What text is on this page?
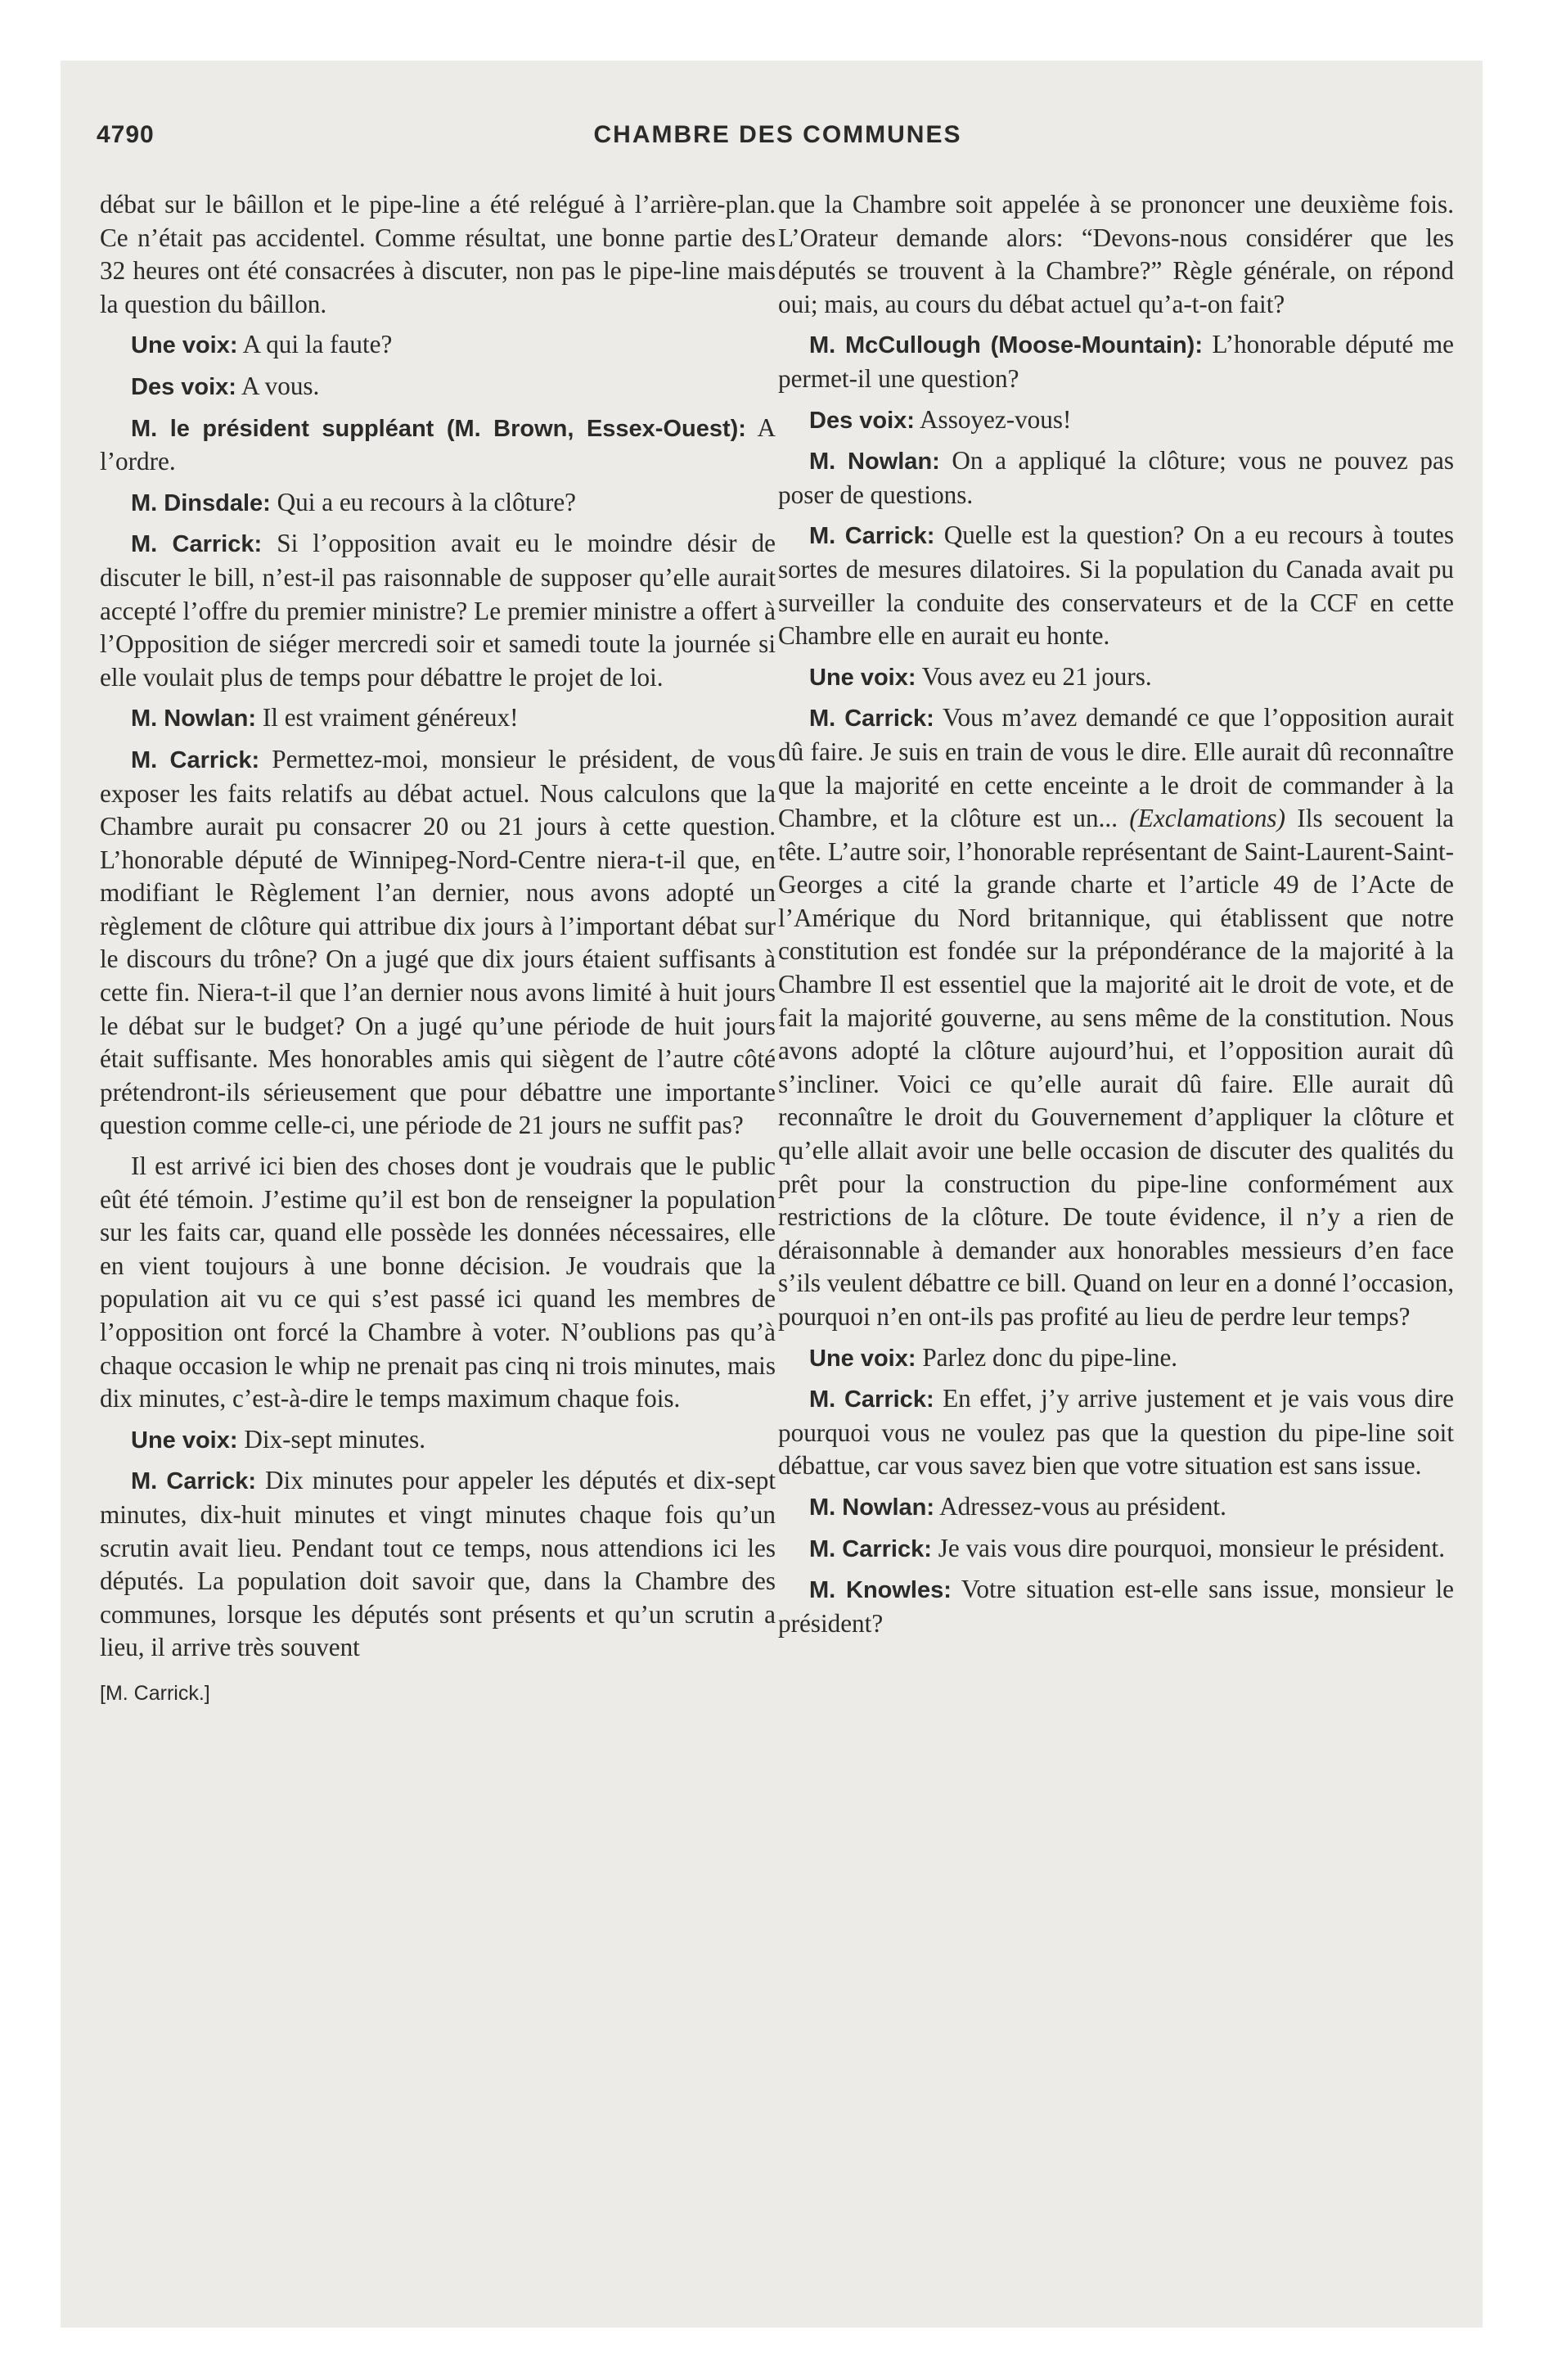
4790	CHAMBRE DES COMMUNES

débat sur le bâillon et le pipe-line a été relégué à l’arrière-plan. Ce n’était pas accidentel. Comme résultat, une bonne partie des 32 heures ont été consacrées à discuter, non pas le pipe-line mais la question du bâillon.

Une voix: A qui la faute?

Des voix: A vous.

M. le président suppléant (M. Brown, Essex-Ouest): A l’ordre.

M. Dinsdale: Qui a eu recours à la clôture?

M. Carrick: Si l’opposition avait eu le moindre désir de discuter le bill, n’est-il pas raisonnable de supposer qu’elle aurait accepté l’offre du premier ministre? Le premier ministre a offert à l’Opposition de siéger mercredi soir et samedi toute la journée si elle voulait plus de temps pour débattre le projet de loi.

M. Nowlan: Il est vraiment généreux!

M. Carrick: Permettez-moi, monsieur le président, de vous exposer les faits relatifs au débat actuel. Nous calculons que la Chambre aurait pu consacrer 20 ou 21 jours à cette question. L’honorable député de Winnipeg-Nord-Centre niera-t-il que, en modifiant le Règlement l’an dernier, nous avons adopté un règlement de clôture qui attribue dix jours à l’important débat sur le discours du trône? On a jugé que dix jours étaient suffisants à cette fin. Niera-t-il que l’an dernier nous avons limité à huit jours le débat sur le budget? On a jugé qu’une période de huit jours était suffisante. Mes honorables amis qui siègent de l’autre côté prétendront-ils sérieusement que pour débattre une importante question comme celle-ci, une période de 21 jours ne suffit pas?

Il est arrivé ici bien des choses dont je voudrais que le public eût été témoin. J’estime qu’il est bon de renseigner la population sur les faits car, quand elle possède les données nécessaires, elle en vient toujours à une bonne décision. Je voudrais que la population ait vu ce qui s’est passé ici quand les membres de l’opposition ont forcé la Chambre à voter. N’oublions pas qu’à chaque occasion le whip ne prenait pas cinq ni trois minutes, mais dix minutes, c’est-à-dire le temps maximum chaque fois.

Une voix: Dix-sept minutes.

M. Carrick: Dix minutes pour appeler les députés et dix-sept minutes, dix-huit minutes et vingt minutes chaque fois qu’un scrutin avait lieu. Pendant tout ce temps, nous attendions ici les députés. La population doit savoir que, dans la Chambre des communes, lorsque les députés sont présents et qu’un scrutin a lieu, il arrive très souvent

[M. Carrick.]

que la Chambre soit appelée à se prononcer une deuxième fois. L’Orateur demande alors: “Devons-nous considérer que les députés se trouvent à la Chambre?” Règle générale, on répond oui; mais, au cours du débat actuel qu’a-t-on fait?

M. McCullough (Moose-Mountain): L’honorable député me permet-il une question?

Des voix: Assoyez-vous!

M. Nowlan: On a appliqué la clôture; vous ne pouvez pas poser de questions.

M. Carrick: Quelle est la question? On a eu recours à toutes sortes de mesures dilatoires. Si la population du Canada avait pu surveiller la conduite des conservateurs et de la CCF en cette Chambre elle en aurait eu honte.

Une voix: Vous avez eu 21 jours.

M. Carrick: Vous m’avez demandé ce que l’opposition aurait dû faire. Je suis en train de vous le dire. Elle aurait dû reconnaître que la majorité en cette enceinte a le droit de commander à la Chambre, et la clôture est un... (Exclamations) Ils secouent la tête. L’autre soir, l’honorable représentant de Saint-Laurent-Saint-Georges a cité la grande charte et l’article 49 de l’Acte de l’Amérique du Nord britannique, qui établissent que notre constitution est fondée sur la prépondérance de la majorité à la Chambre Il est essentiel que la majorité ait le droit de vote, et de fait la majorité gouverne, au sens même de la constitution. Nous avons adopté la clôture aujourd’hui, et l’opposition aurait dû s’incliner. Voici ce qu’elle aurait dû faire. Elle aurait dû reconnaître le droit du Gouvernement d’appliquer la clôture et qu’elle allait avoir une belle occasion de discuter des qualités du prêt pour la construction du pipe-line conformément aux restrictions de la clôture. De toute évidence, il n’y a rien de déraisonnable à demander aux honorables messieurs d’en face s’ils veulent débattre ce bill. Quand on leur en a donné l’occasion, pourquoi n’en ont-ils pas profité au lieu de perdre leur temps?

Une voix: Parlez donc du pipe-line.

M. Carrick: En effet, j’y arrive justement et je vais vous dire pourquoi vous ne voulez pas que la question du pipe-line soit débattue, car vous savez bien que votre situation est sans issue.

M. Nowlan: Adressez-vous au président.

M. Carrick: Je vais vous dire pourquoi, monsieur le président.

M. Knowles: Votre situation est-elle sans issue, monsieur le président?
